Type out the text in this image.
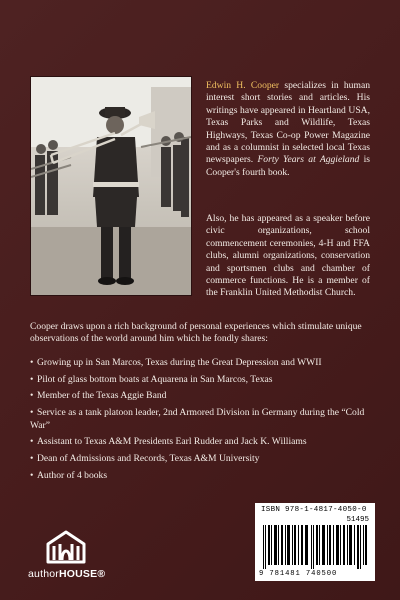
Edwin H. Cooper specializes in human interest short stories and articles. His writings have appeared in Heartland USA, Texas Parks and Wildlife, Texas Highways, Texas Co-op Power Magazine and as a columnist in selected local Texas newspapers. Forty Years at Aggieland is Cooper's fourth book.

Also, he has appeared as a speaker before civic organizations, school commencement ceremonies, 4-H and FFA clubs, alumni organizations, conservation and sportsmen clubs and chamber of commerce functions. He is a member of the Franklin United Methodist Church.

Cooper draws upon a rich background of personal experiences which stimulate unique observations of the world around him which he fondly shares:

• Growing up in San Marcos, Texas during the Great Depression and WWII
• Pilot of glass bottom boats at Aquarena in San Marcos, Texas
• Member of the Texas Aggie Band
• Service as a tank platoon leader, 2nd Armored Division in Germany during the “Cold War”
• Assistant to Texas A&M Presidents Earl Rudder and Jack K. Williams
• Dean of Admissions and Records, Texas A&M University
• Author of 4 books
authorHOUSE®
ISBN 978-1-4817-4050-0
51495
9 781481 740500
